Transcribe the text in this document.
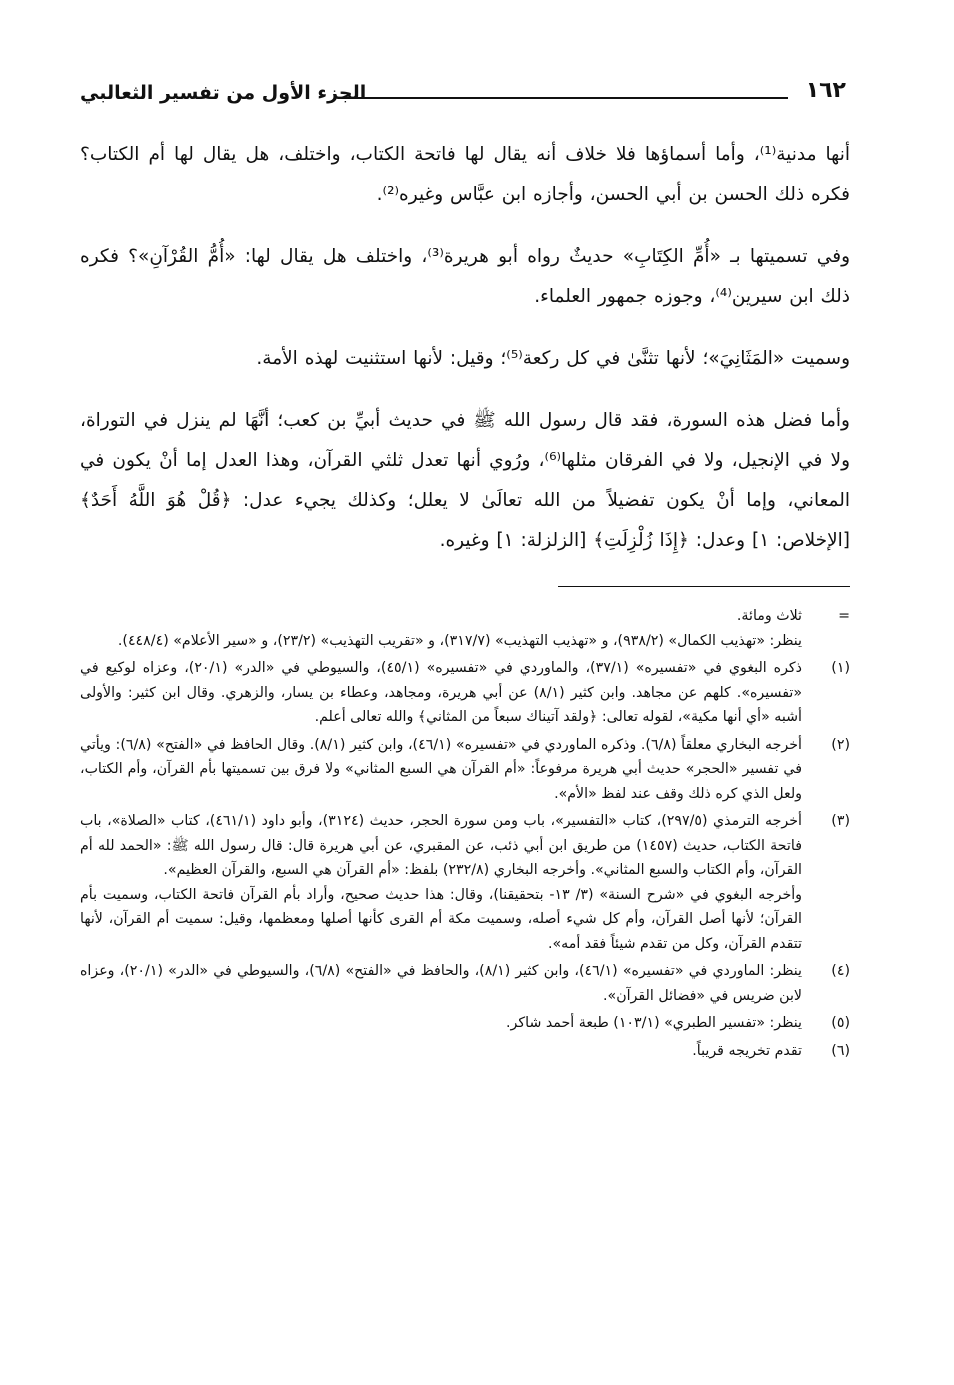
١٦٢
الجزء الأول من تفسير الثعالبي

أنها مدنية⁽¹⁾، وأما أسماؤها فلا خلاف أنه يقال لها فاتحة الكتاب، واختلف، هل يقال لها أم الكتاب؟ فكره ذلك الحسن بن أبي الحسن، وأجازه ابن عبَّاس وغيره⁽²⁾.

وفي تسميتها بـ «أُمِّ الكِتَابِ» حديثٌ رواه أبو هريرة⁽³⁾، واختلف هل يقال لها: «أُمُّ القُرْآنِ»؟ فكره ذلك ابن سيرين⁽⁴⁾، وجوزه جمهور العلماء.

وسميت «المَثَانِيَ»؛ لأنها تثنَّىٰ في كل ركعة⁽⁵⁾؛ وقيل: لأنها استثنيت لهذه الأمة.

وأما فضل هذه السورة، فقد قال رسول الله ﷺ في حديث أبيِّ بن كعب؛ أنَّهَا لم ينزل في التوراة، ولا في الإنجيل، ولا في الفرقان مثلها⁽⁶⁾، ورُوي أنها تعدل ثلثي القرآن، وهذا العدل إما أنْ يكون في المعاني، وإما أنْ يكون تفضيلاً من الله تعالَىٰ لا يعلل؛ وكذلك يجيء عدل: ﴿قُلْ هُوَ اللَّهُ أَحَدٌ﴾ [الإخلاص: ١] وعدل: ﴿إِذَا زُلْزِلَتِ﴾ [الزلزلة: ١] وغيره.

=
ثلاث ومائة.
ينظر: «تهذيب الكمال» (٩٣٨/٢)، و «تهذيب التهذيب» (٣١٧/٧)، و «تقريب التهذيب» (٢٣/٢)، و «سير الأعلام» (٤٤٨/٤).
(١)
ذكره البغوي في «تفسيره» (٣٧/١)، والماوردي في «تفسيره» (٤٥/١)، والسيوطي في «الدر» (٢٠/١)، وعزاه لوكيع في «تفسيره». كلهم عن مجاهد. وابن كثير (٨/١) عن أبي هريرة، ومجاهد، وعطاء بن يسار، والزهري. وقال ابن كثير: والأولى أشبه «أي أنها مكية»، لقوله تعالى: ﴿ولقد آتيناك سبعاً من المثاني﴾ والله تعالى أعلم.
(٢)
أخرجه البخاري معلقاً (٦/٨). وذكره الماوردي في «تفسيره» (٤٦/١)، وابن كثير (٨/١). وقال الحافظ في «الفتح» (٦/٨): ويأتي في تفسير «الحجر» حديث أبي هريرة مرفوعاً: «أم القرآن هي السبع المثاني» ولا فرق بين تسميتها بأم القرآن، وأم الكتاب، ولعل الذي كره ذلك وقف عند لفظ «الأم».
(٣)
أخرجه الترمذي (٢٩٧/٥)، كتاب «التفسير»، باب ومن سورة الحجر، حديث (٣١٢٤)، وأبو داود (٤٦١/١)، كتاب «الصلاة»، باب فاتحة الكتاب، حديث (١٤٥٧) من طريق ابن أبي ذئب، عن المقبري، عن أبي هريرة قال: قال رسول الله ﷺ: «الحمد لله أم القرآن، وأم الكتاب والسبع المثاني». وأخرجه البخاري (٢٣٢/٨) بلفظ: «أم القرآن هي السبع، والقرآن العظيم».
وأخرجه البغوي في «شرح السنة» (٣/ ١٣- بتحقيقنا)، وقال: هذا حديث صحيح، وأراد بأم القرآن فاتحة الكتاب، وسميت بأم القرآن؛ لأنها أصل القرآن، وأم كل شيء أصله، وسميت مكة أم القرى كأنها أصلها ومعظمها، وقيل: سميت أم القرآن، لأنها تتقدم القرآن، وكل من تقدم شيئاً فقد أمه».
(٤)
ينظر: الماوردي في «تفسيره» (٤٦/١)، وابن كثير (٨/١)، والحافظ في «الفتح» (٦/٨)، والسيوطي في «الدر» (٢٠/١)، وعزاه لابن ضريس في «فضائل القرآن».
(٥)
ينظر: «تفسير الطبري» (١٠٣/١) طبعة أحمد شاكر.
(٦)
تقدم تخريجه قريباً.
